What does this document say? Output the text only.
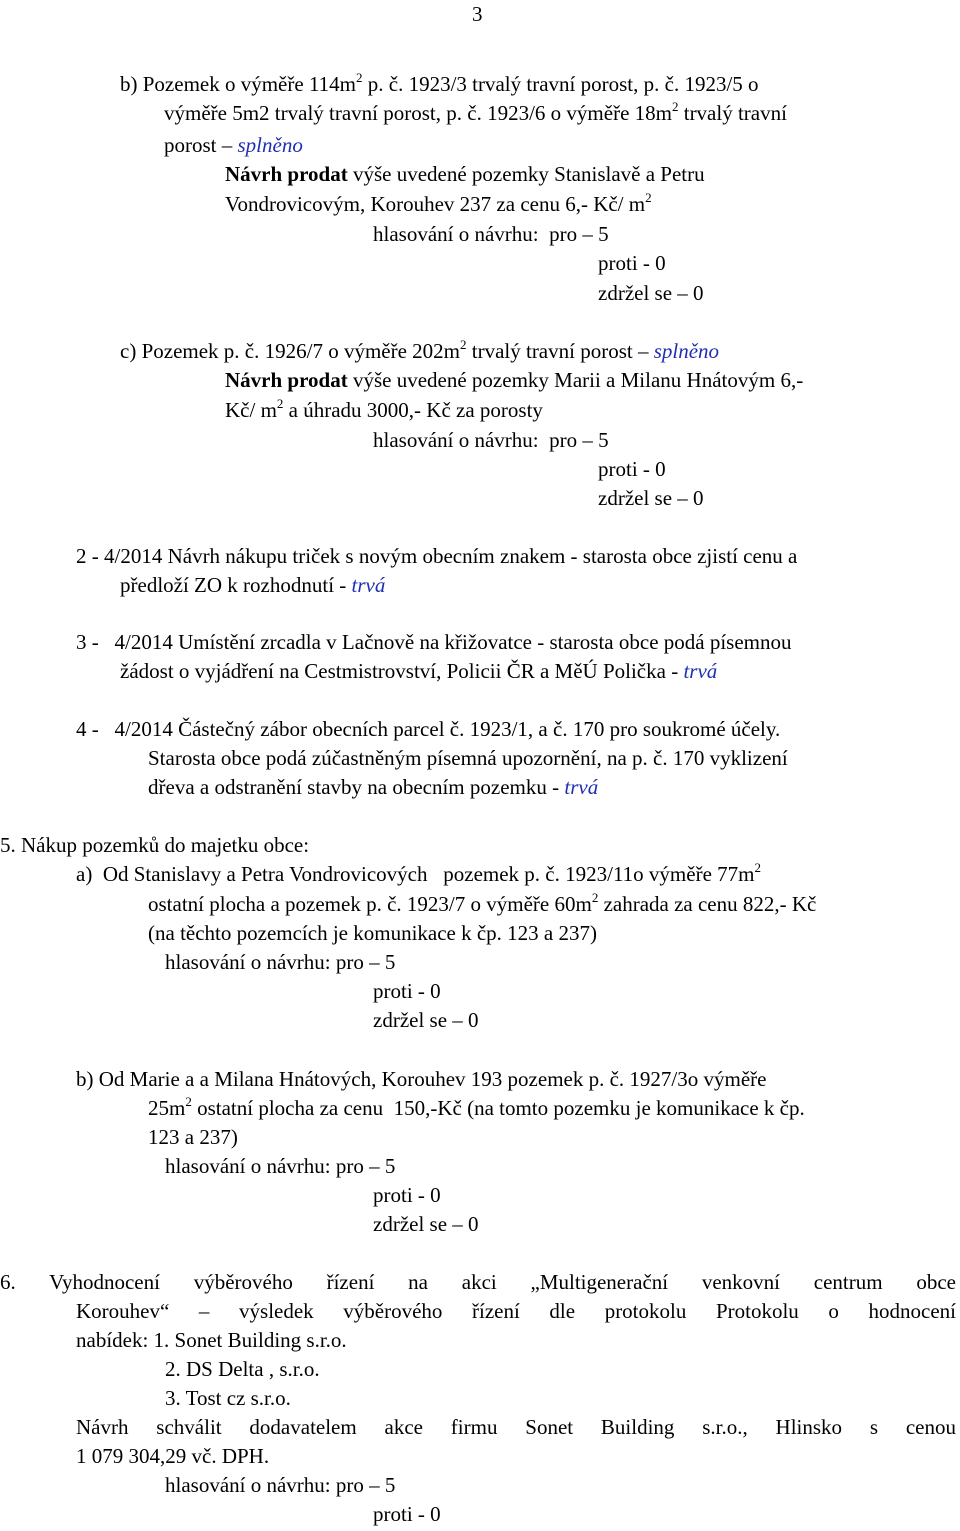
3
b) Pozemek o výměře $114m^2$ p. č. 1923/3 trvalý travní porost, p. č. 1923/5 o
výměře 5m2 trvalý travní porost, p. č. 1923/6 o výměře $18m^2$ trvalý travní
porost – splněno
Návrh prodat výše uvedené pozemky Stanislavě a Petru
Vondrovicovým, Korouhev 237 za cenu 6,- Kč/ $m^2$
hlasování o návrhu: pro – 5
proti - 0
zdržel se – 0
c) Pozemek p. č. 1926/7 o výměře $202m^2$ trvalý travní porost – splněno
Návrh prodat výše uvedené pozemky Marii a Milanu Hnátovým 6,-
Kč/ $m^2$ a úhradu 3000,- Kč za porosty
hlasování o návrhu: pro – 5
proti - 0
zdržel se – 0
2 - 4/2014 Návrh nákupu triček s novým obecním znakem - starosta obce zjistí cenu a
předloží ZO k rozhodnutí - trvá
3 -   4/2014 Umístění zrcadla v Lačnově na křižovatce - starosta obce podá písemnou
žádost o vyjádření na Cestmistrovství, Policii ČR a MěÚ Polička - trvá
4 -   4/2014 Částečný zábor obecních parcel č. 1923/1, a č. 170 pro soukromé účely.
Starosta obce podá zúčastněným písemná upozornění, na p. č. 170 vyklizení
dřeva a odstranění stavby na obecním pozemku - trvá
5. Nákup pozemků do majetku obce:
a)  Od Stanislavy a Petra Vondrovicových   pozemek p. č. 1923/11o výměře $77m^2$
ostatní plocha a pozemek p. č. 1923/7 o výměře $60m^2$ zahrada za cenu 822,- Kč
(na těchto pozemcích je komunikace k čp. 123 a 237)
hlasování o návrhu: pro – 5
proti - 0
zdržel se – 0
b) Od Marie a a Milana Hnátových, Korouhev 193 pozemek p. č. 1927/3o výměře
$25m^2$ ostatní plocha za cenu  150,-Kč (na tomto pozemku je komunikace k čp.
123 a 237)
hlasování o návrhu: pro – 5
proti - 0
zdržel se – 0
6. Vyhodnocení výběrového řízení na akci „Multigenerační venkovní centrum obce
Korouhev“ – výsledek výběrového řízení dle protokolu Protokolu o hodnocení
nabídek: 1. Sonet Building s.r.o.
2. DS Delta , s.r.o.
3. Tost cz s.r.o.
Návrh schválit dodavatelem akce firmu Sonet Building s.r.o., Hlinsko s cenou
1 079 304,29 vč. DPH.
hlasování o návrhu: pro – 5
proti - 0
